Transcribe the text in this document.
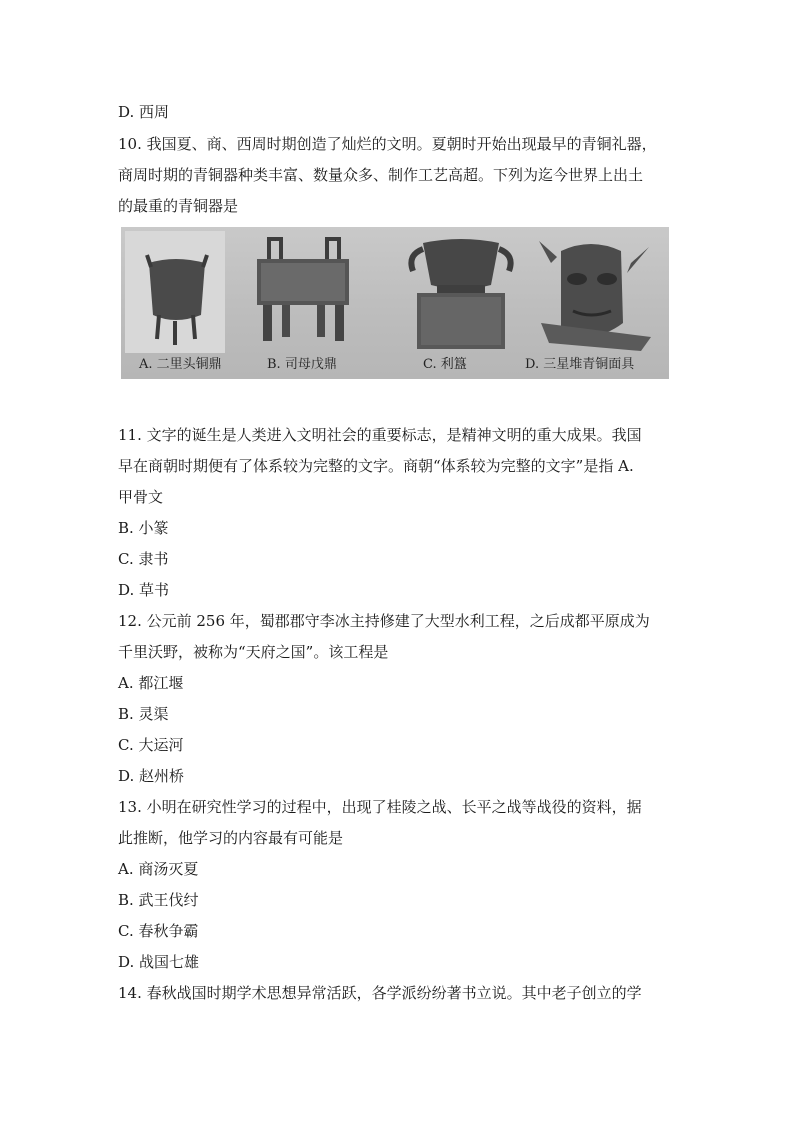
D. 西周
10. 我国夏、商、西周时期创造了灿烂的文明。夏朝时开始出现最早的青铜礼器，
商周时期的青铜器种类丰富、数量众多、制作工艺高超。下列为迄今世界上出土
的最重的青铜器是
A. 二里头铜鼎	B. 司母戊鼎	C. 利簋	D. 三星堆青铜面具
11. 文字的诞生是人类进入文明社会的重要标志，是精神文明的重大成果。我国
早在商朝时期便有了体系较为完整的文字。商朝“体系较为完整的文字”是指 A.
甲骨文
B. 小篆
C. 隶书
D. 草书
12. 公元前 256 年，蜀郡郡守李冰主持修建了大型水利工程，之后成都平原成为
千里沃野，被称为“天府之国”。该工程是
A. 都江堰
B. 灵渠
C. 大运河
D. 赵州桥
13. 小明在研究性学习的过程中，出现了桂陵之战、长平之战等战役的资料，据
此推断，他学习的内容最有可能是
A. 商汤灭夏
B. 武王伐纣
C. 春秋争霸
D. 战国七雄
14. 春秋战国时期学术思想异常活跃，各学派纷纷著书立说。其中老子创立的学
